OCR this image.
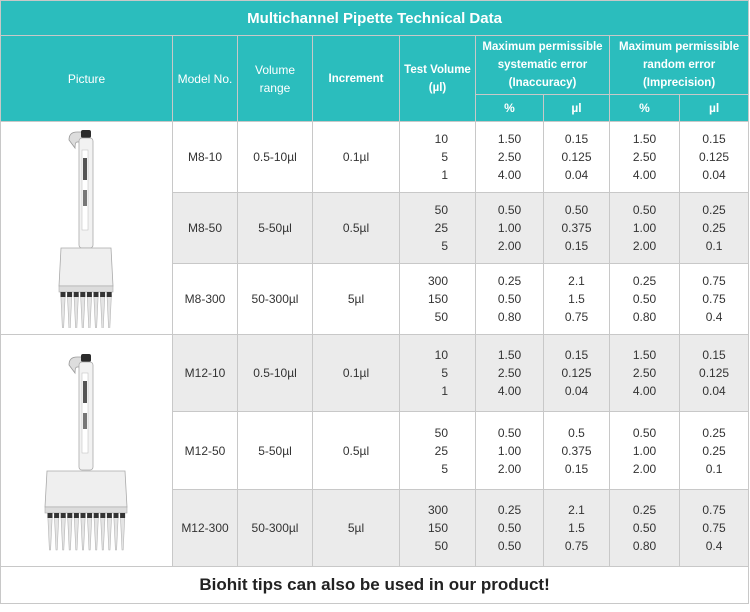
Multichannel Pipette Technical Data								
Picture	Model No.	Volume range	Increment	Test Volume (µl)	Maximum permissible systematic error (Inaccuracy)		Maximum permissible random error (Imprecision)	
					%	µl	%	µl

	M8-10	0.5-10µl	0.1µl	10
5
1	1.50
2.50
4.00	0.15
0.125
0.04	1.50
2.50
4.00	0.15
0.125
0.04

	M8-50	5-50µl	0.5µl	50
25
5	0.50
1.00
2.00	0.50
0.375
0.15	0.50
1.00
2.00	0.25
0.25
0.1

	M8-300	50-300µl	5µl	300
150
50	0.25
0.50
0.80	2.1
1.5
0.75	0.25
0.50
0.80	0.75
0.75
0.4

	M12-10	0.5-10µl	0.1µl	10
5
1	1.50
2.50
4.00	0.15
0.125
0.04	1.50
2.50
4.00	0.15
0.125
0.04

	M12-50	5-50µl	0.5µl	50
25
5	0.50
1.00
2.00	0.5
0.375
0.15	0.50
1.00
2.00	0.25
0.25
0.1

	M12-300	50-300µl	5µl	300
150
50	0.25
0.50
0.50	2.1
1.5
0.75	0.25
0.50
0.80	0.75
0.75
0.4

Biohit tips can also be used in our product!								
